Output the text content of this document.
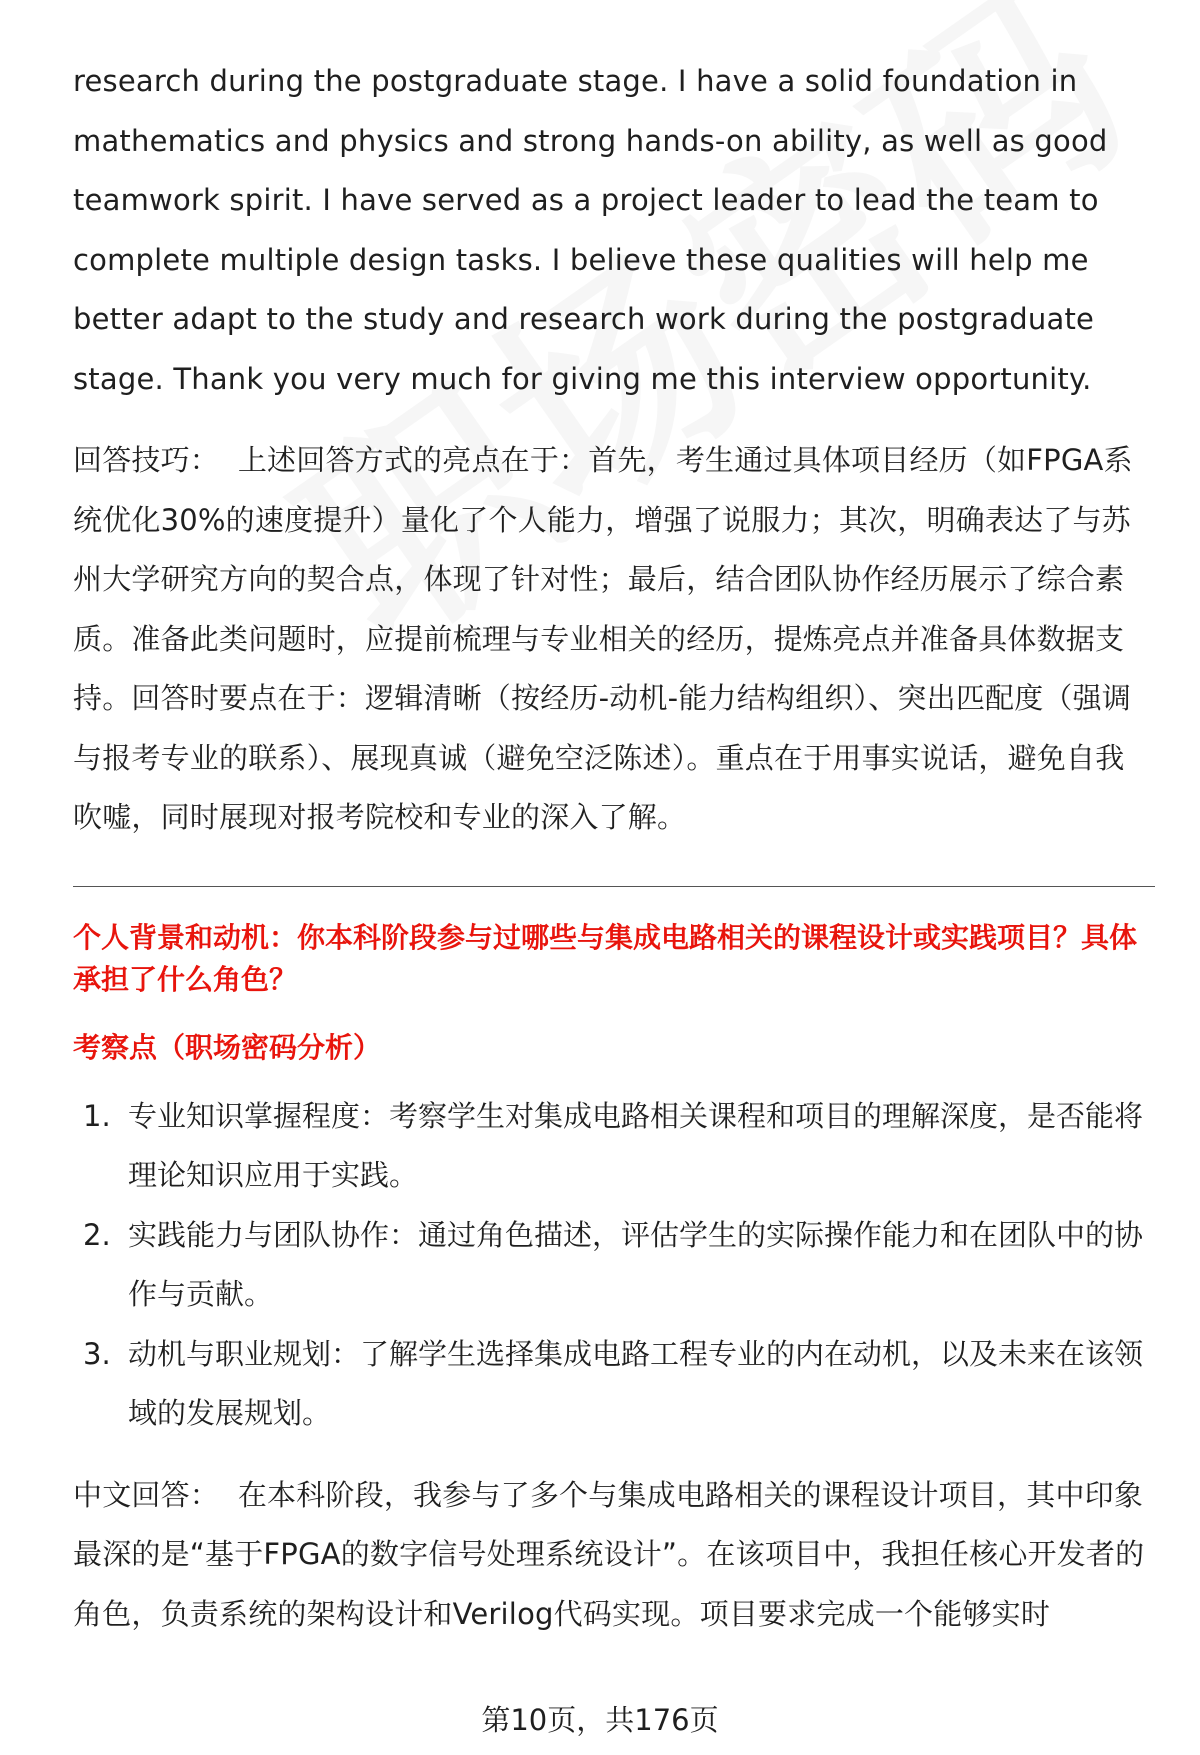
research during the postgraduate stage. I have a solid foundation in mathematics and physics and strong hands-on ability, as well as good teamwork spirit. I have served as a project leader to lead the team to complete multiple design tasks. I believe these qualities will help me better adapt to the study and research work during the postgraduate stage. Thank you very much for giving me this interview opportunity.

回答技巧： 上述回答方式的亮点在于：首先，考生通过具体项目经历（如FPGA系统优化30%的速度提升）量化了个人能力，增强了说服力；其次，明确表达了与苏州大学研究方向的契合点，体现了针对性；最后，结合团队协作经历展示了综合素质。准备此类问题时，应提前梳理与专业相关的经历，提炼亮点并准备具体数据支持。回答时要点在于：逻辑清晰（按经历-动机-能力结构组织）、突出匹配度（强调与报考专业的联系）、展现真诚（避免空泛陈述）。重点在于用事实说话，避免自我吹嘘，同时展现对报考院校和专业的深入了解。

个人背景和动机：你本科阶段参与过哪些与集成电路相关的课程设计或实践项目？具体承担了什么角色？

考察点（职场密码分析）

1. 专业知识掌握程度：考察学生对集成电路相关课程和项目的理解深度，是否能将理论知识应用于实践。
2. 实践能力与团队协作：通过角色描述，评估学生的实际操作能力和在团队中的协作与贡献。
3. 动机与职业规划：了解学生选择集成电路工程专业的内在动机，以及未来在该领域的发展规划。

中文回答： 在本科阶段，我参与了多个与集成电路相关的课程设计项目，其中印象最深的是“基于FPGA的数字信号处理系统设计”。在该项目中，我担任核心开发者的角色，负责系统的架构设计和Verilog代码实现。项目要求完成一个能够实时

第10页，共176页
